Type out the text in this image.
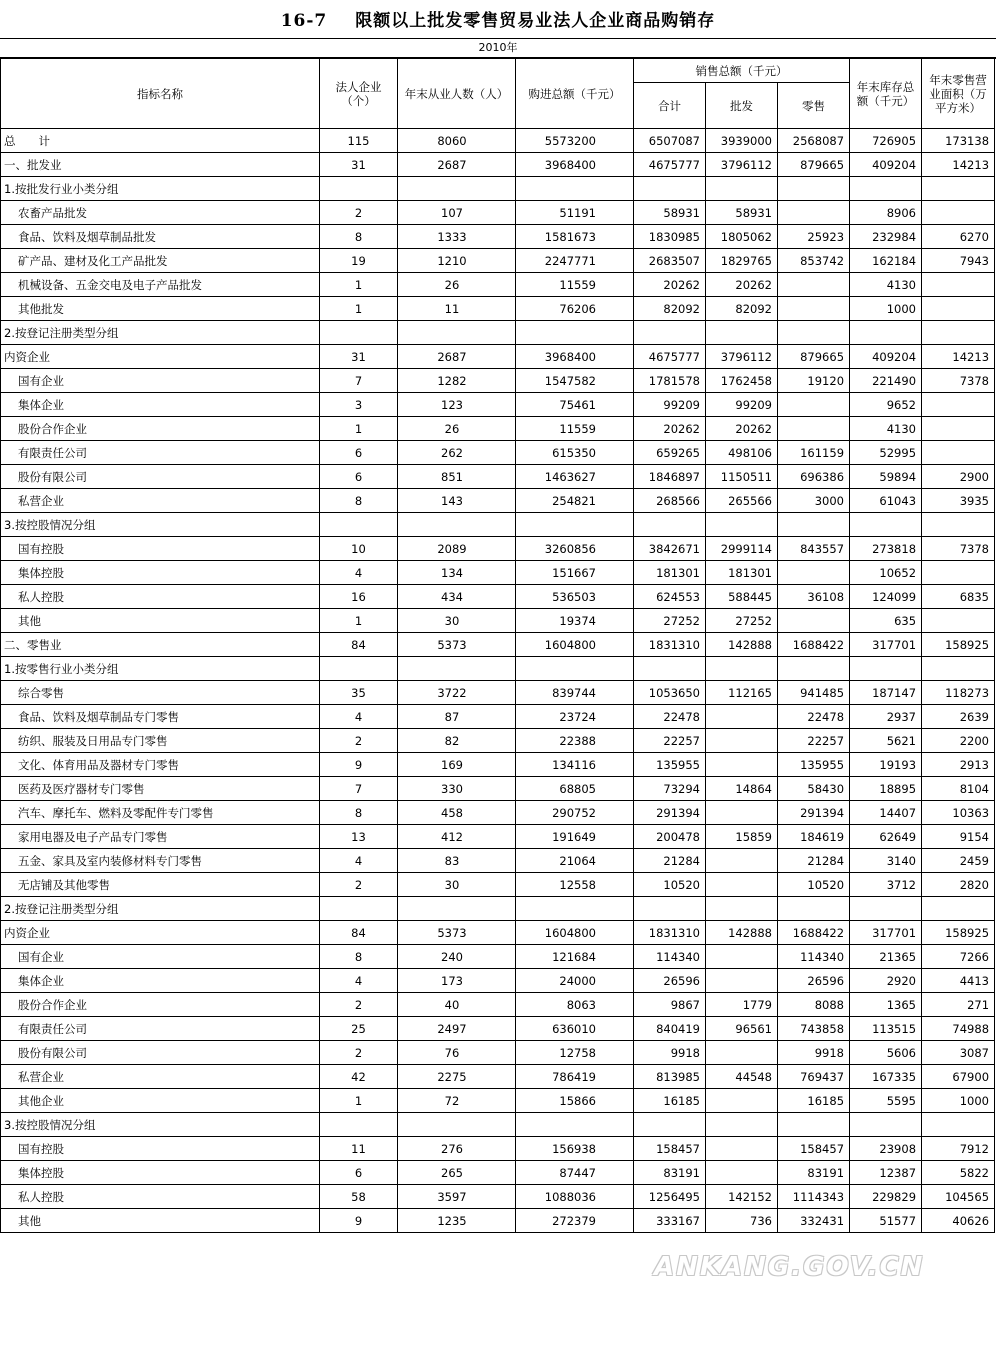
16-7 限额以上批发零售贸易业法人企业商品购销存
2010年
指标名称	法人企业（个）	年末从业人数（人）	购进总额（千元）	销售总额（千元）			年末库存总额（千元）	年末零售营业面积（万平方米）
				合计	批发	零售		
总　　计	115	8060	5573200	6507087	3939000	2568087	726905	173138
一、批发业	31	2687	3968400	4675777	3796112	879665	409204	14213
1.按批发行业小类分组								
农畜产品批发	2	107	51191	58931	58931		8906	
食品、饮料及烟草制品批发	8	1333	1581673	1830985	1805062	25923	232984	6270
矿产品、建材及化工产品批发	19	1210	2247771	2683507	1829765	853742	162184	7943
机械设备、五金交电及电子产品批发	1	26	11559	20262	20262		4130	
其他批发	1	11	76206	82092	82092		1000	
2.按登记注册类型分组								
内资企业	31	2687	3968400	4675777	3796112	879665	409204	14213
国有企业	7	1282	1547582	1781578	1762458	19120	221490	7378
集体企业	3	123	75461	99209	99209		9652	
股份合作企业	1	26	11559	20262	20262		4130	
有限责任公司	6	262	615350	659265	498106	161159	52995	
股份有限公司	6	851	1463627	1846897	1150511	696386	59894	2900
私营企业	8	143	254821	268566	265566	3000	61043	3935
3.按控股情况分组								
国有控股	10	2089	3260856	3842671	2999114	843557	273818	7378
集体控股	4	134	151667	181301	181301		10652	
私人控股	16	434	536503	624553	588445	36108	124099	6835
其他	1	30	19374	27252	27252		635	
二、零售业	84	5373	1604800	1831310	142888	1688422	317701	158925
1.按零售行业小类分组								
综合零售	35	3722	839744	1053650	112165	941485	187147	118273
食品、饮料及烟草制品专门零售	4	87	23724	22478		22478	2937	2639
纺织、服装及日用品专门零售	2	82	22388	22257		22257	5621	2200
文化、体育用品及器材专门零售	9	169	134116	135955		135955	19193	2913
医药及医疗器材专门零售	7	330	68805	73294	14864	58430	18895	8104
汽车、摩托车、燃料及零配件专门零售	8	458	290752	291394		291394	14407	10363
家用电器及电子产品专门零售	13	412	191649	200478	15859	184619	62649	9154
五金、家具及室内装修材料专门零售	4	83	21064	21284		21284	3140	2459
无店铺及其他零售	2	30	12558	10520		10520	3712	2820
2.按登记注册类型分组								
内资企业	84	5373	1604800	1831310	142888	1688422	317701	158925
国有企业	8	240	121684	114340		114340	21365	7266
集体企业	4	173	24000	26596		26596	2920	4413
股份合作企业	2	40	8063	9867	1779	8088	1365	271
有限责任公司	25	2497	636010	840419	96561	743858	113515	74988
股份有限公司	2	76	12758	9918		9918	5606	3087
私营企业	42	2275	786419	813985	44548	769437	167335	67900
其他企业	1	72	15866	16185		16185	5595	1000
3.按控股情况分组								
国有控股	11	276	156938	158457		158457	23908	7912
集体控股	6	265	87447	83191		83191	12387	5822
私人控股	58	3597	1088036	1256495	142152	1114343	229829	104565
其他	9	1235	272379	333167	736	332431	51577	40626
ANKANG.GOV.CN
